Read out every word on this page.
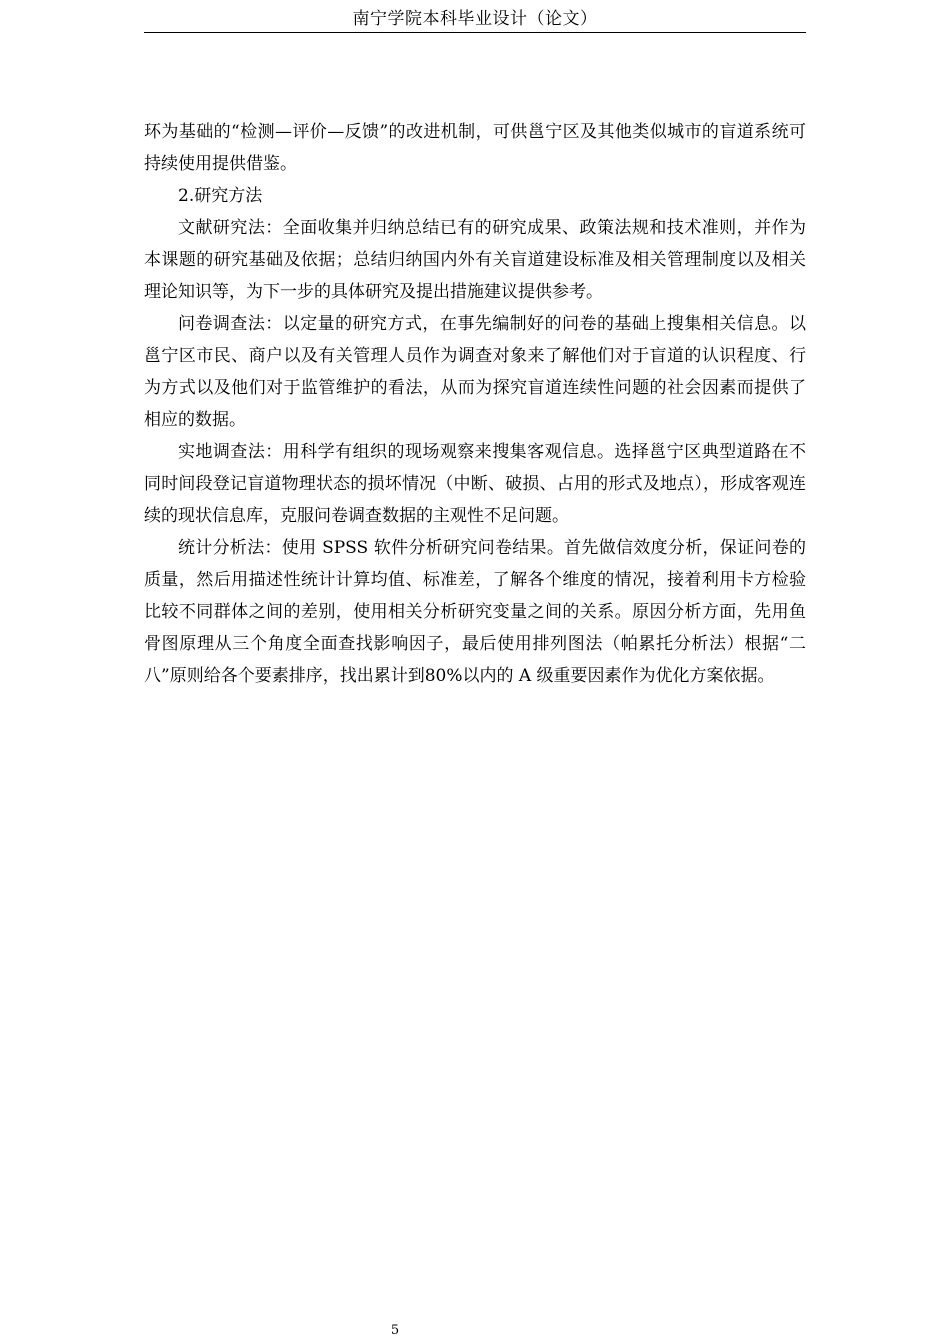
南宁学院本科毕业设计（论文）

环为基础的“检测—评价—反馈”的改进机制，可供邕宁区及其他类似城市的盲道系统可持续使用提供借鉴。

2.研究方法

文献研究法：全面收集并归纳总结已有的研究成果、政策法规和技术准则，并作为本课题的研究基础及依据；总结归纳国内外有关盲道建设标准及相关管理制度以及相关理论知识等，为下一步的具体研究及提出措施建议提供参考。

问卷调查法：以定量的研究方式，在事先编制好的问卷的基础上搜集相关信息。以邕宁区市民、商户以及有关管理人员作为调查对象来了解他们对于盲道的认识程度、行为方式以及他们对于监管维护的看法，从而为探究盲道连续性问题的社会因素而提供了相应的数据。

实地调查法：用科学有组织的现场观察来搜集客观信息。选择邕宁区典型道路在不同时间段登记盲道物理状态的损坏情况（中断、破损、占用的形式及地点），形成客观连续的现状信息库，克服问卷调查数据的主观性不足问题。

统计分析法：使用 SPSS 软件分析研究问卷结果。首先做信效度分析，保证问卷的质量，然后用描述性统计计算均值、标准差，了解各个维度的情况，接着利用卡方检验比较不同群体之间的差别，使用相关分析研究变量之间的关系。原因分析方面，先用鱼骨图原理从三个角度全面查找影响因子，最后使用排列图法（帕累托分析法）根据“二八”原则给各个要素排序，找出累计到80%以内的 A 级重要因素作为优化方案依据。

5
